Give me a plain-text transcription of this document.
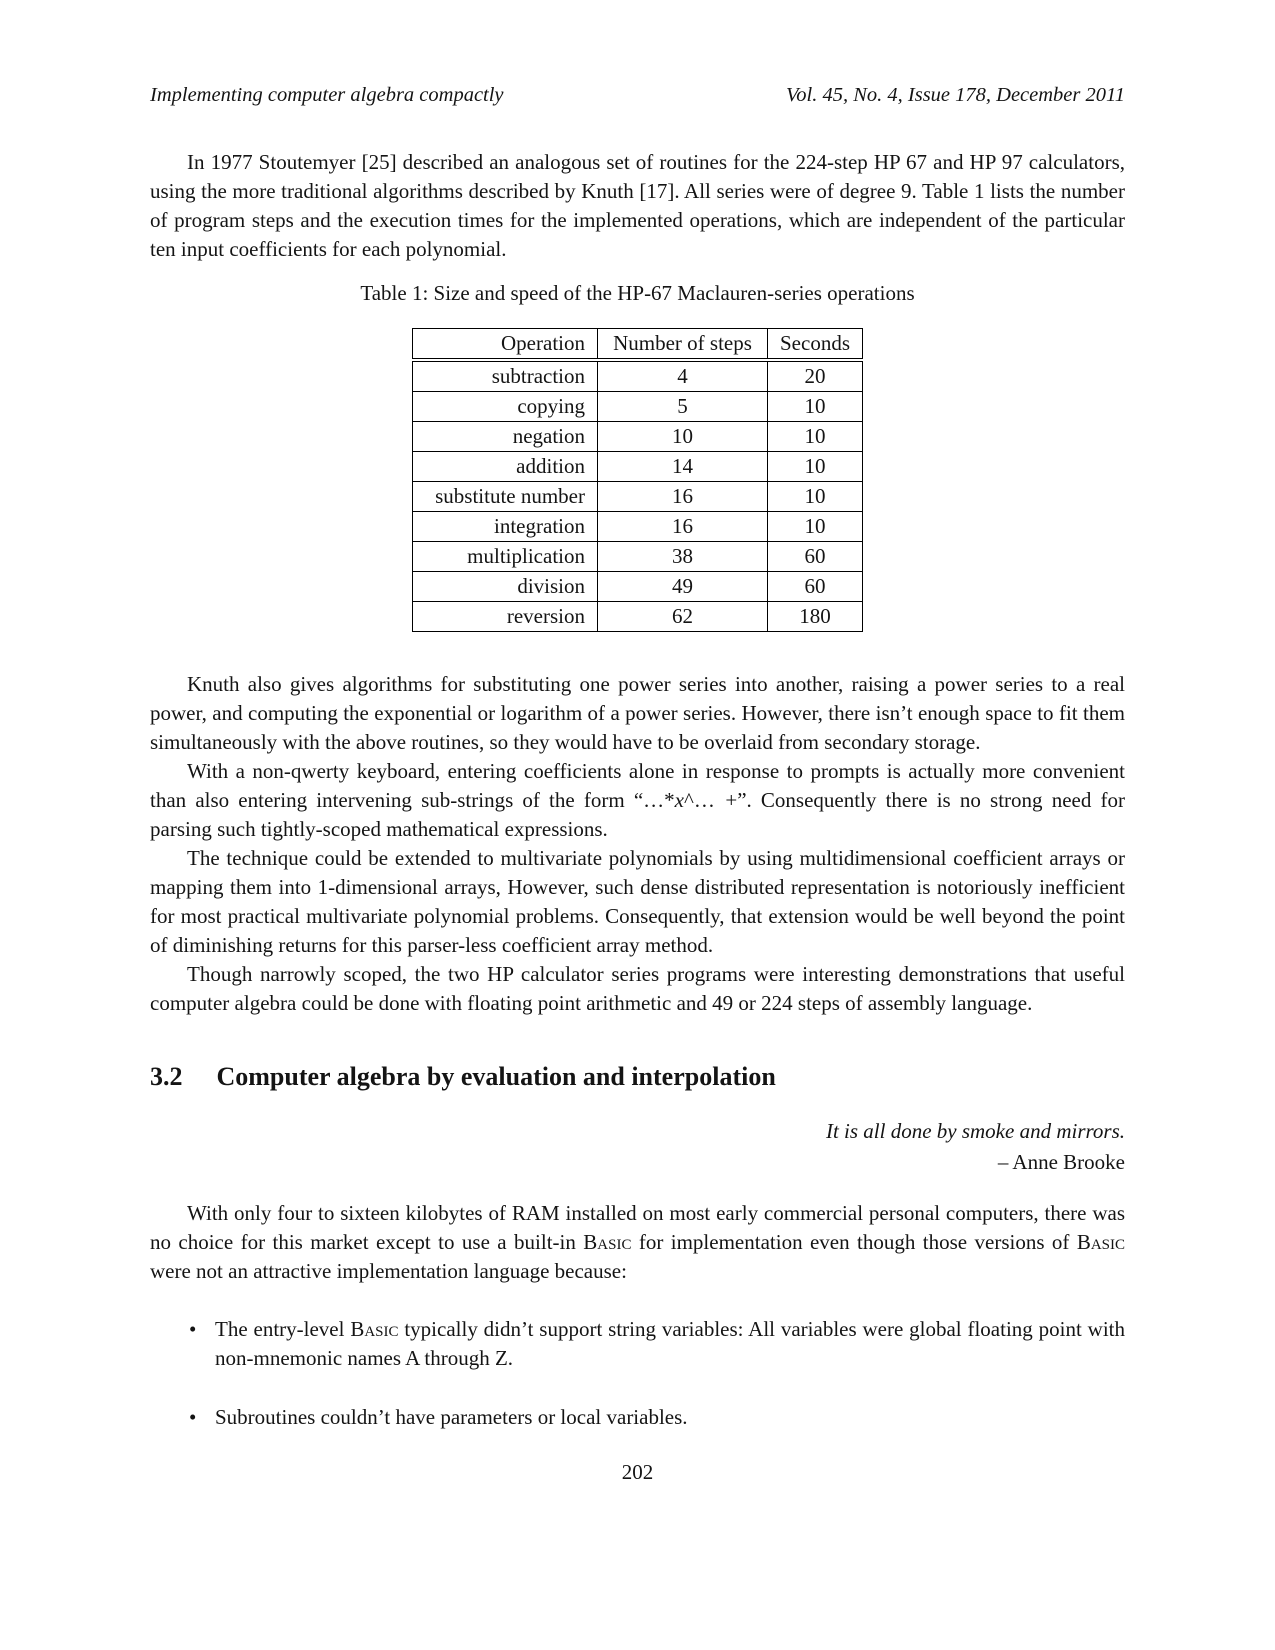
Implementing computer algebra compactly	Vol. 45, No. 4, Issue 178, December 2011

In 1977 Stoutemyer [25] described an analogous set of routines for the 224-step HP 67 and HP 97 calculators, using the more traditional algorithms described by Knuth [17]. All series were of degree 9. Table 1 lists the number of program steps and the execution times for the implemented operations, which are independent of the particular ten input coefficients for each polynomial.

Table 1: Size and speed of the HP-67 Maclauren-series operations
Operation	Number of steps	Seconds
subtraction	4	20
copying	5	10
negation	10	10
addition	14	10
substitute number	16	10
integration	16	10
multiplication	38	60
division	49	60
reversion	62	180

Knuth also gives algorithms for substituting one power series into another, raising a power series to a real power, and computing the exponential or logarithm of a power series. However, there isn’t enough space to fit them simultaneously with the above routines, so they would have to be overlaid from secondary storage.

With a non-qwerty keyboard, entering coefficients alone in response to prompts is actually more convenient than also entering intervening sub-strings of the form “…*x^… +”. Consequently there is no strong need for parsing such tightly-scoped mathematical expressions.

The technique could be extended to multivariate polynomials by using multidimensional coefficient arrays or mapping them into 1-dimensional arrays, However, such dense distributed representation is notoriously inefficient for most practical multivariate polynomial problems. Consequently, that extension would be well beyond the point of diminishing returns for this parser-less coefficient array method.

Though narrowly scoped, the two HP calculator series programs were interesting demonstrations that useful computer algebra could be done with floating point arithmetic and 49 or 224 steps of assembly language.

3.2 Computer algebra by evaluation and interpolation
It is all done by smoke and mirrors.
– Anne Brooke

With only four to sixteen kilobytes of RAM installed on most early commercial personal computers, there was no choice for this market except to use a built-in Basic for implementation even though those versions of Basic were not an attractive implementation language because:

• The entry-level Basic typically didn’t support string variables: All variables were global floating point with non-mnemonic names A through Z.
• Subroutines couldn’t have parameters or local variables.
202
